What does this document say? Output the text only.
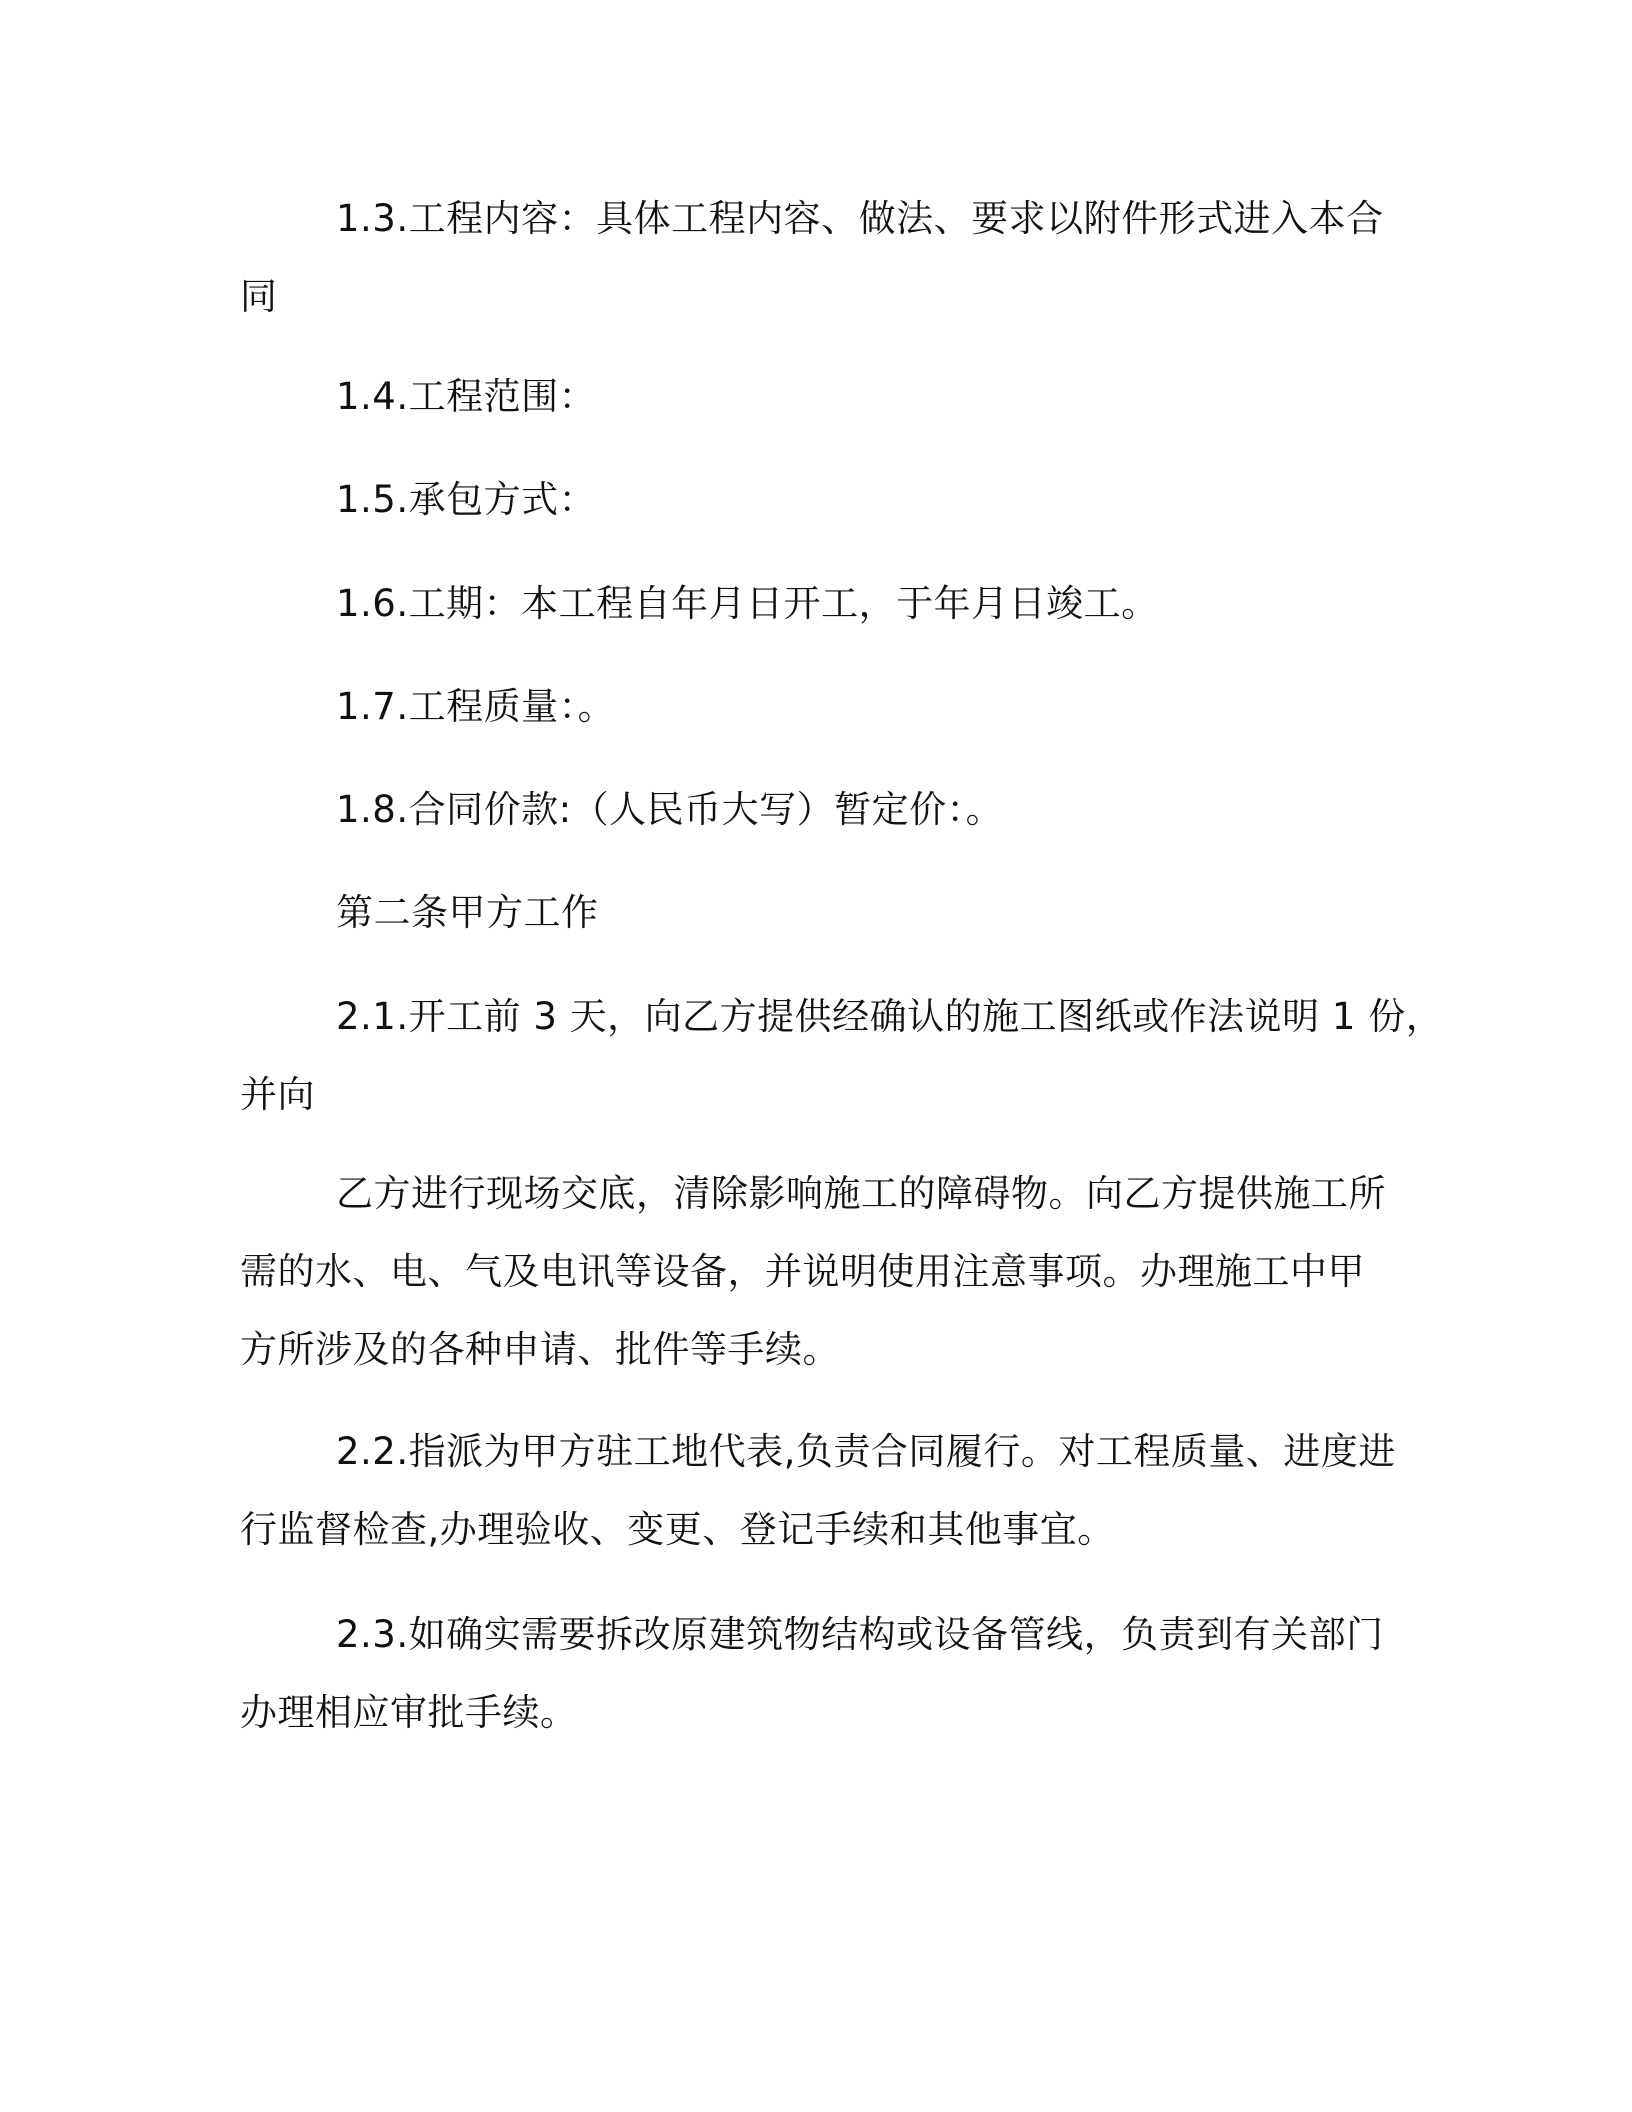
1.3.工程内容：具体工程内容、做法、要求以附件形式进入本合
同
1.4.工程范围：
1.5.承包方式：
1.6.工期：本工程自年月日开工，于年月日竣工。
1.7.工程质量：。
1.8.合同价款:（人民币大写）暂定价：。
第二条甲方工作
2.1.开工前 3 天，向乙方提供经确认的施工图纸或作法说明 1 份，
并向
乙方进行现场交底，清除影响施工的障碍物。向乙方提供施工所
需的水、电、气及电讯等设备，并说明使用注意事项。办理施工中甲
方所涉及的各种申请、批件等手续。
2.2.指派为甲方驻工地代表,负责合同履行。对工程质量、进度进
行监督检查,办理验收、变更、登记手续和其他事宜。
2.3.如确实需要拆改原建筑物结构或设备管线，负责到有关部门
办理相应审批手续。
